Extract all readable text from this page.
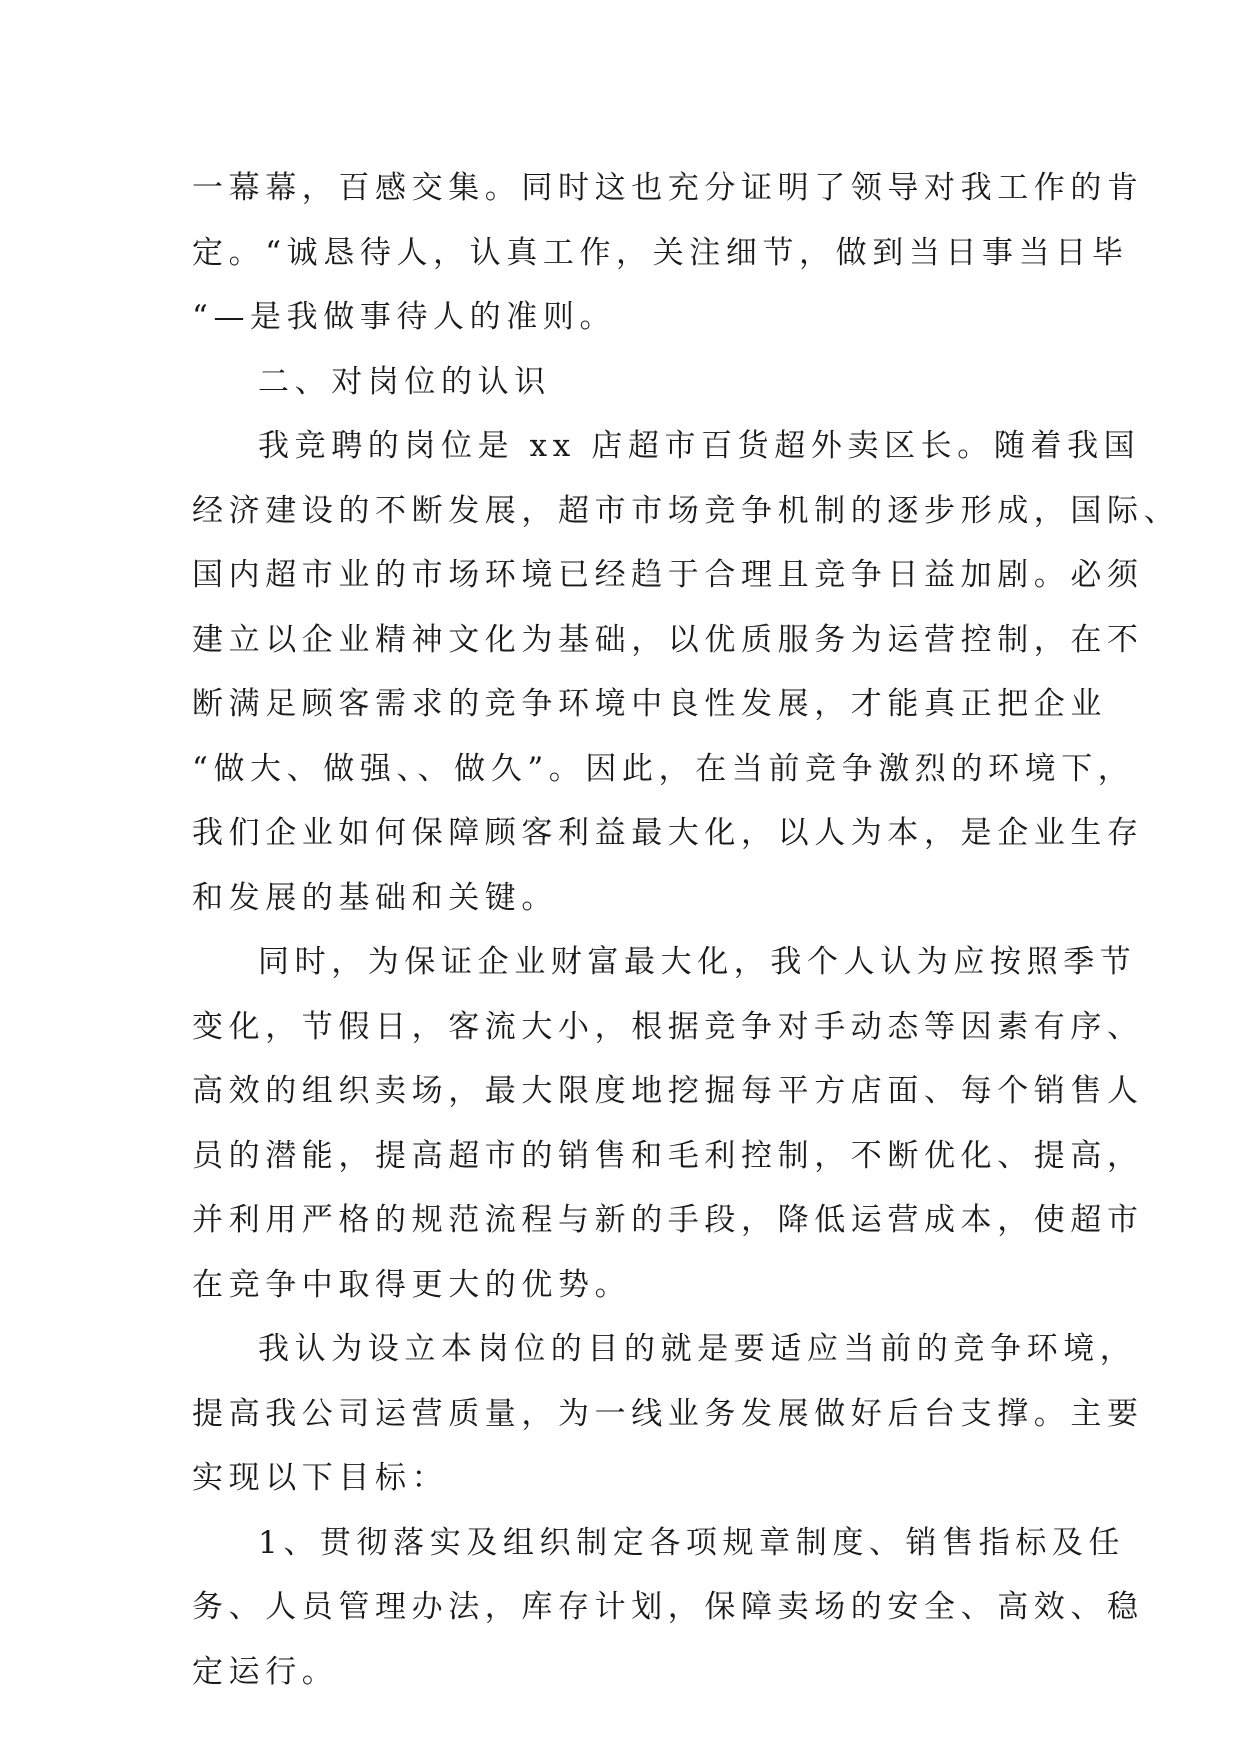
一幕幕，百感交集。同时这也充分证明了领导对我工作的肯
定。“诚恳待人，认真工作，关注细节，做到当日事当日毕
“—是我做事待人的准则。
二、对岗位的认识
我竞聘的岗位是 xx 店超市百货超外卖区长。随着我国
经济建设的不断发展，超市市场竞争机制的逐步形成，国际、
国内超市业的市场环境已经趋于合理且竞争日益加剧。必须
建立以企业精神文化为基础，以优质服务为运营控制，在不
断满足顾客需求的竞争环境中良性发展，才能真正把企业
“做大、做强、、做久”。因此，在当前竞争激烈的环境下，
我们企业如何保障顾客利益最大化，以人为本，是企业生存
和发展的基础和关键。
同时，为保证企业财富最大化，我个人认为应按照季节
变化，节假日，客流大小，根据竞争对手动态等因素有序、
高效的组织卖场，最大限度地挖掘每平方店面、每个销售人
员的潜能，提高超市的销售和毛利控制，不断优化、提高，
并利用严格的规范流程与新的手段，降低运营成本，使超市
在竞争中取得更大的优势。
我认为设立本岗位的目的就是要适应当前的竞争环境，
提高我公司运营质量，为一线业务发展做好后台支撑。主要
实现以下目标：
1、贯彻落实及组织制定各项规章制度、销售指标及任
务、人员管理办法，库存计划，保障卖场的安全、高效、稳
定运行。
